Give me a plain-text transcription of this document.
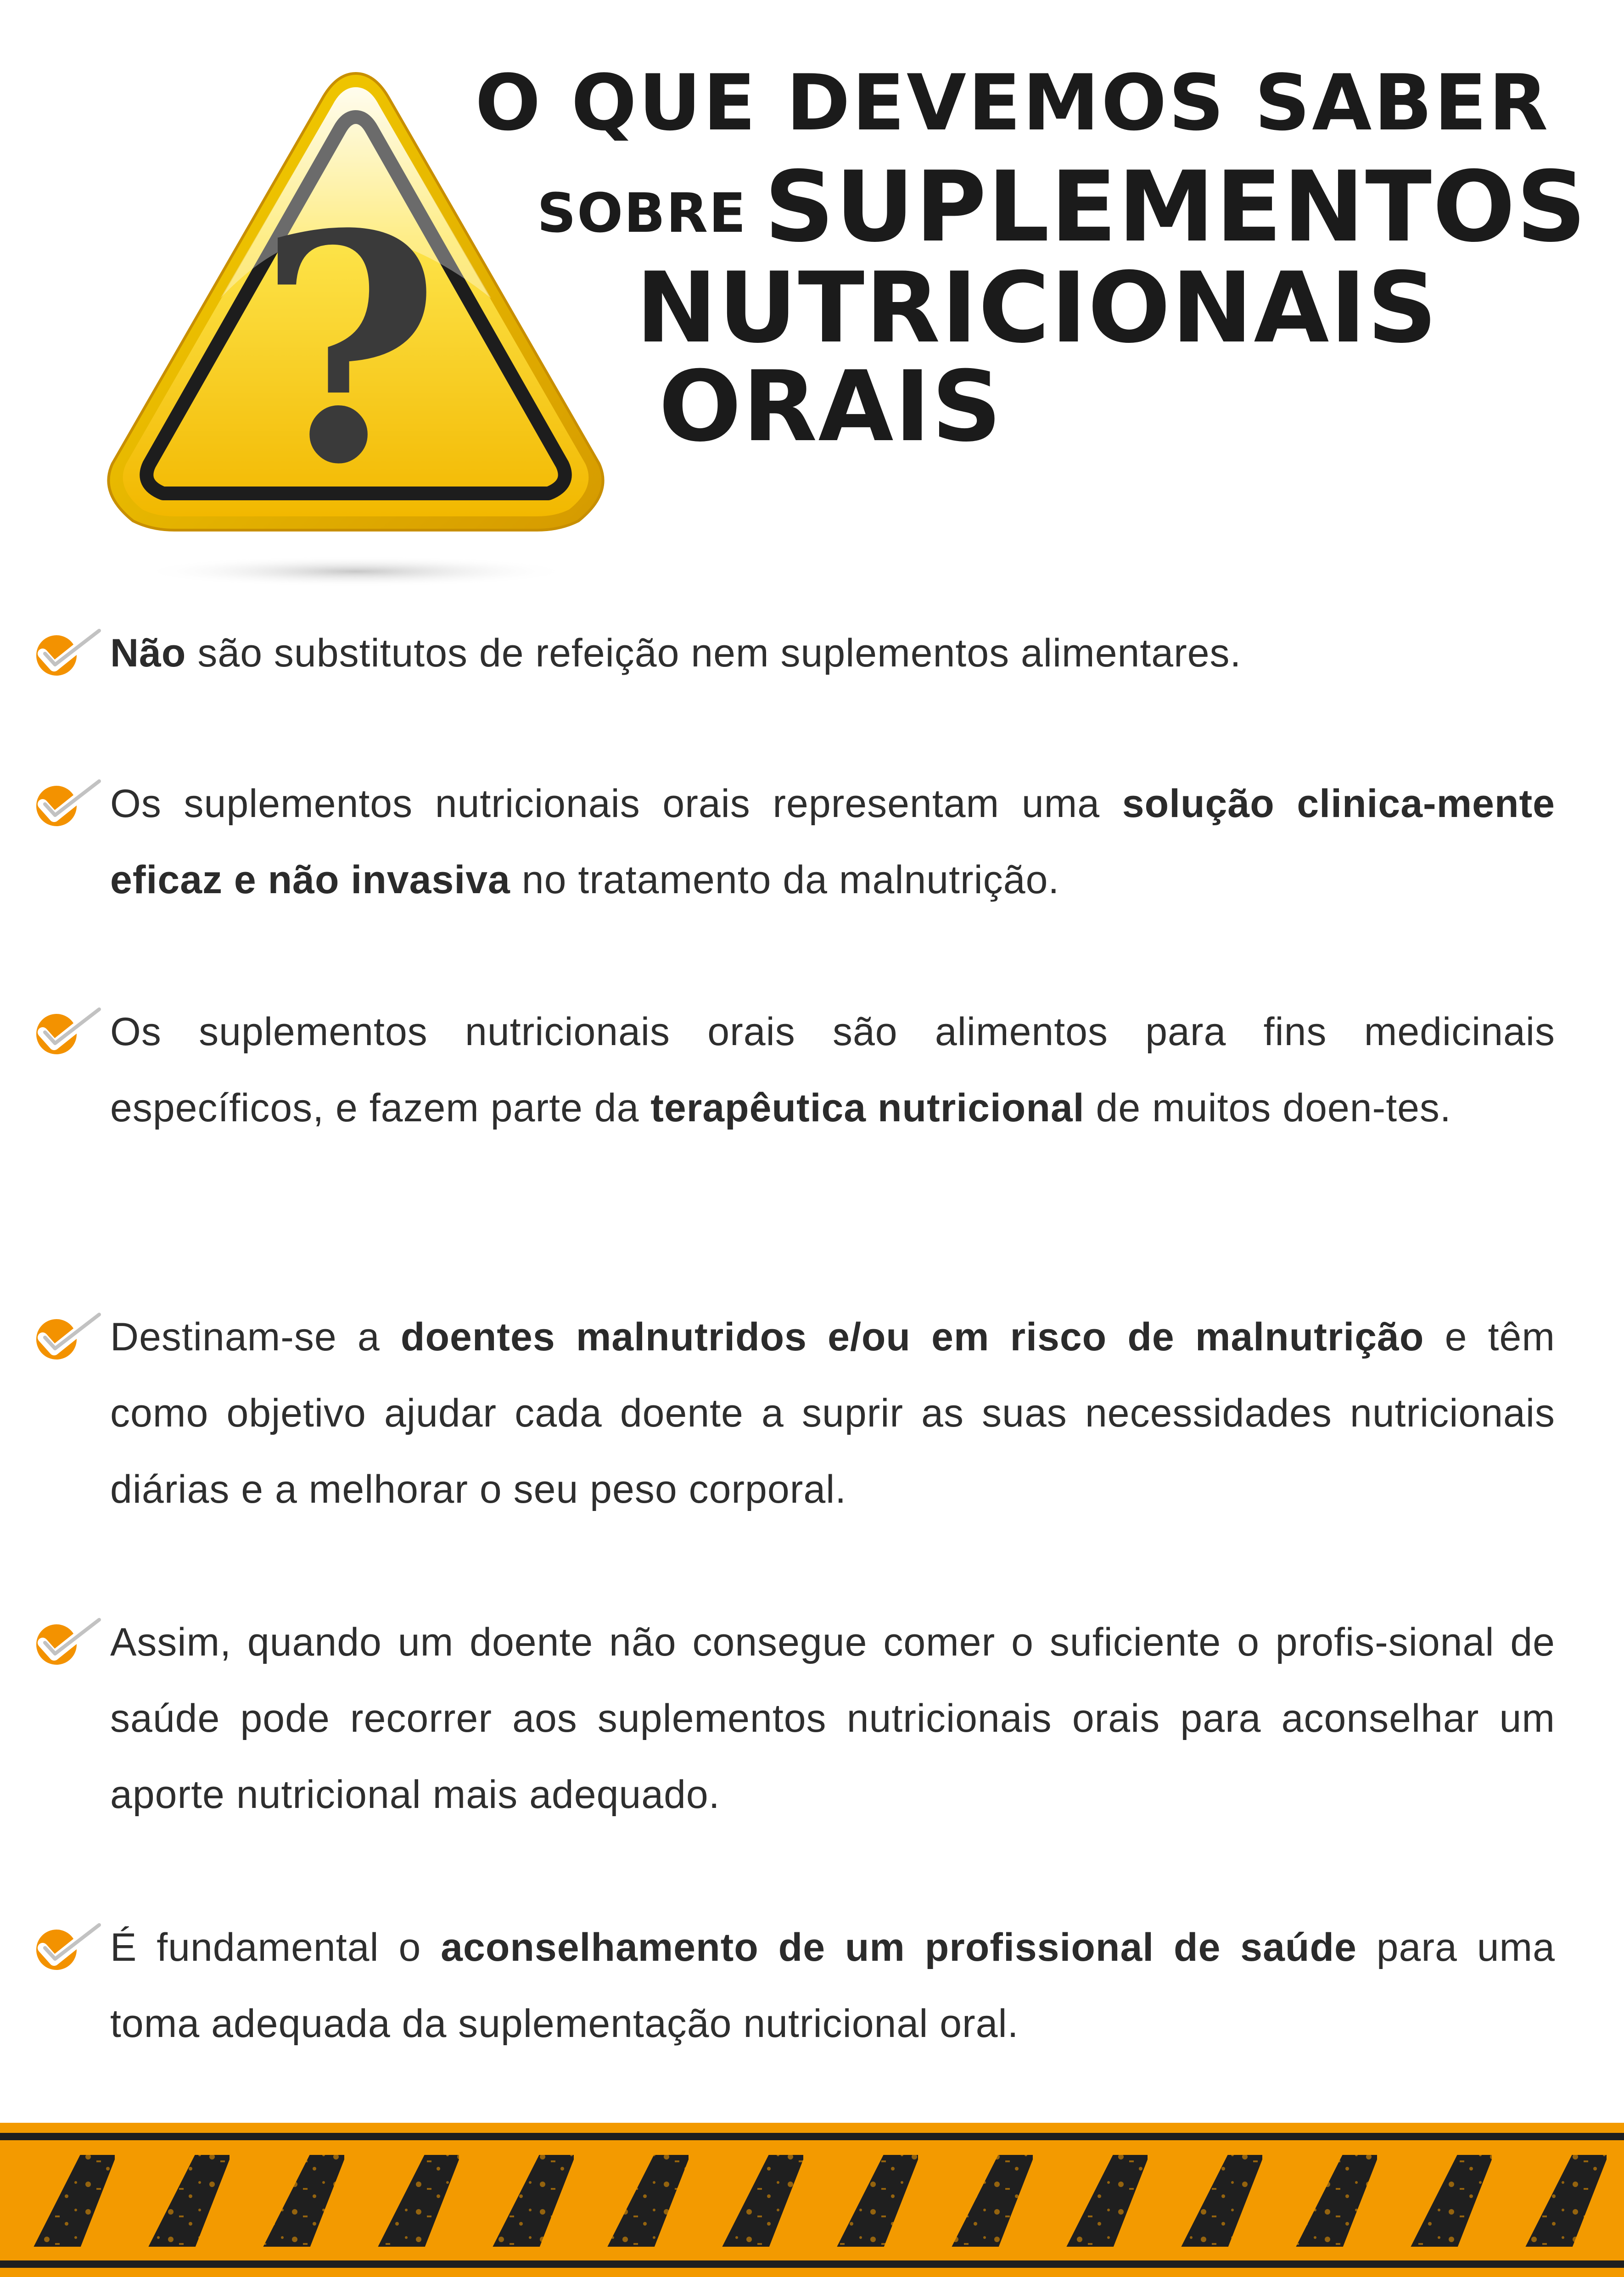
O QUE DEVEMOS SABER
SOBRE SUPLEMENTOS
NUTRICIONAIS
ORAIS
?
Não são substitutos de refeição nem suplementos alimentares.
Os suplementos nutricionais orais representam uma solução clinica-mente eficaz e não invasiva no tratamento da malnutrição.
Os suplementos nutricionais orais são alimentos para fins medicinais específicos, e fazem parte da terapêutica nutricional de muitos doen-tes.
Destinam-se a doentes malnutridos e/ou em risco de malnutrição e têm como objetivo ajudar cada doente a suprir as suas necessidades nutricionais diárias e a melhorar o seu peso corporal.
Assim, quando um doente não consegue comer o suficiente o profis-sional de saúde pode recorrer aos suplementos nutricionais orais para aconselhar um aporte nutricional mais adequado.
É fundamental o aconselhamento de um profissional de saúde para uma toma adequada da suplementação nutricional oral.
